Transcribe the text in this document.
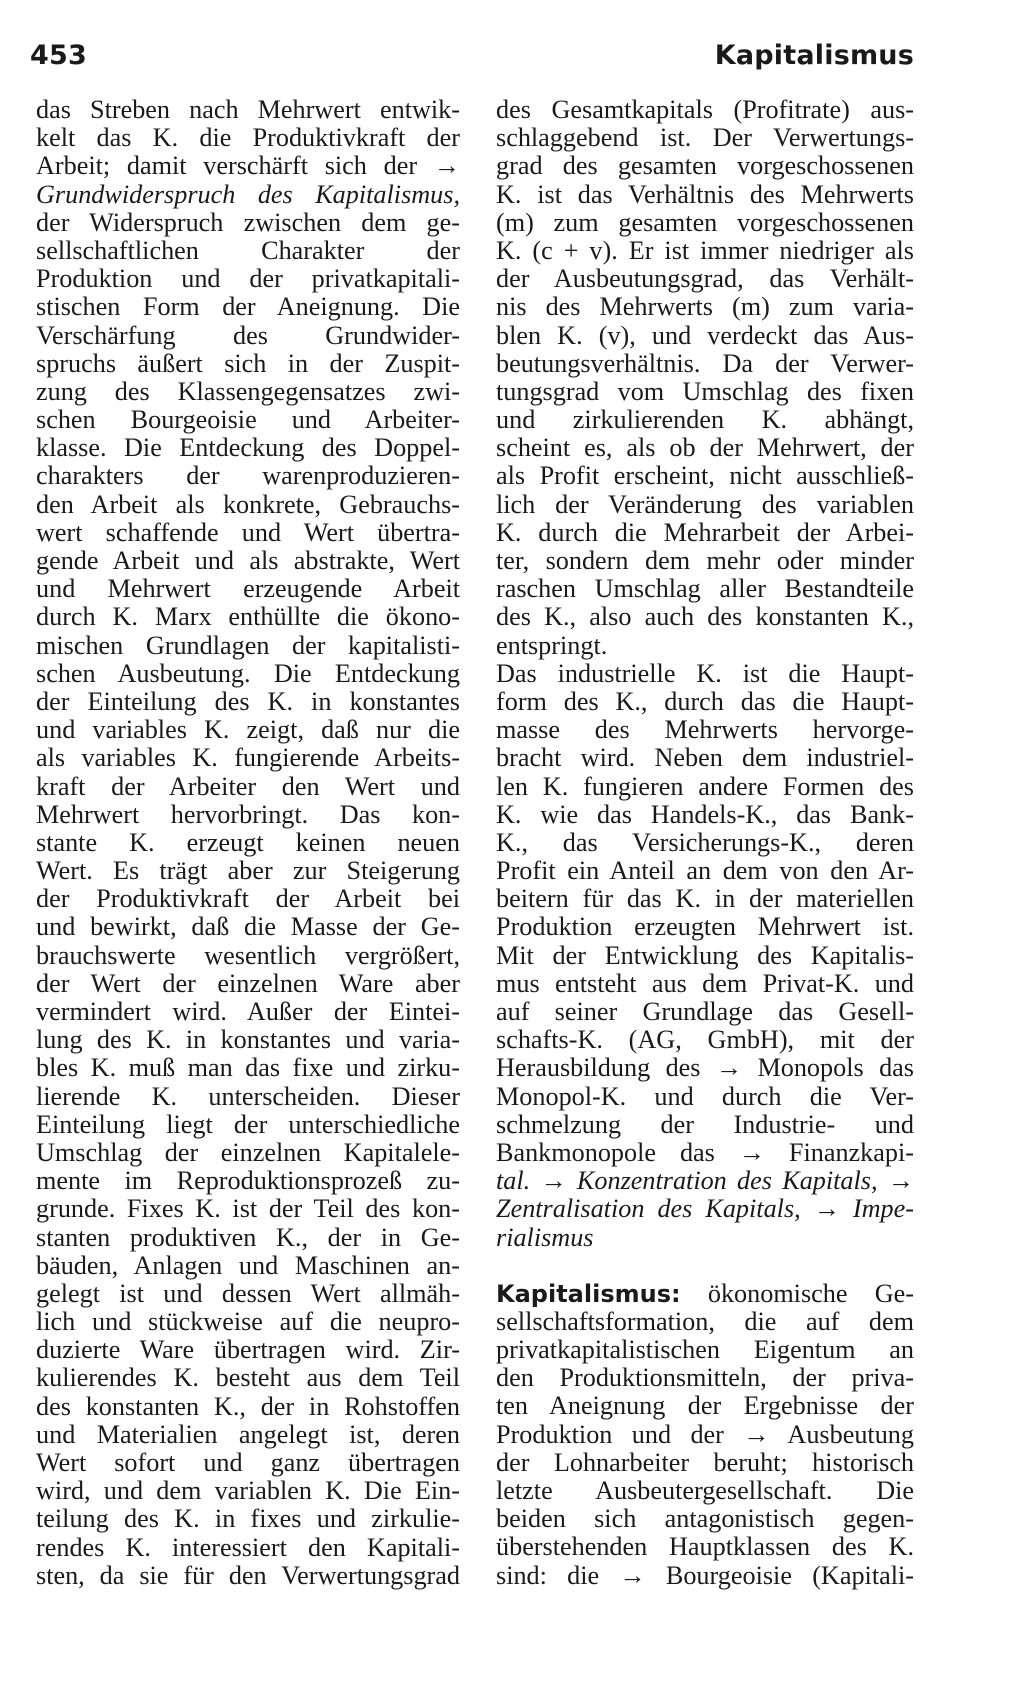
453	Kapitalismus
das Streben nach Mehrwert entwik-
kelt das K. die Produktivkraft der
Arbeit; damit verschärft sich der →
Grundwiderspruch des Kapitalismus,
der Widerspruch zwischen dem ge-
sellschaftlichen Charakter der
Produktion und der privatkapitali-
stischen Form der Aneignung. Die
Verschärfung des Grundwider-
spruchs äußert sich in der Zuspit-
zung des Klassengegensatzes zwi-
schen Bourgeoisie und Arbeiter-
klasse. Die Entdeckung des Doppel-
charakters der warenproduzieren-
den Arbeit als konkrete, Gebrauchs-
wert schaffende und Wert übertra-
gende Arbeit und als abstrakte, Wert
und Mehrwert erzeugende Arbeit
durch K. Marx enthüllte die ökono-
mischen Grundlagen der kapitalisti-
schen Ausbeutung. Die Entdeckung
der Einteilung des K. in konstantes
und variables K. zeigt, daß nur die
als variables K. fungierende Arbeits-
kraft der Arbeiter den Wert und
Mehrwert hervorbringt. Das kon-
stante K. erzeugt keinen neuen
Wert. Es trägt aber zur Steigerung
der Produktivkraft der Arbeit bei
und bewirkt, daß die Masse der Ge-
brauchswerte wesentlich vergrößert,
der Wert der einzelnen Ware aber
vermindert wird. Außer der Eintei-
lung des K. in konstantes und varia-
bles K. muß man das fixe und zirku-
lierende K. unterscheiden. Dieser
Einteilung liegt der unterschiedliche
Umschlag der einzelnen Kapitalele-
mente im Reproduktionsprozeß zu-
grunde. Fixes K. ist der Teil des kon-
stanten produktiven K., der in Ge-
bäuden, Anlagen und Maschinen an-
gelegt ist und dessen Wert allmäh-
lich und stückweise auf die neupro-
duzierte Ware übertragen wird. Zir-
kulierendes K. besteht aus dem Teil
des konstanten K., der in Rohstoffen
und Materialien angelegt ist, deren
Wert sofort und ganz übertragen
wird, und dem variablen K. Die Ein-
teilung des K. in fixes und zirkulie-
rendes K. interessiert den Kapitali-
sten, da sie für den Verwertungsgrad
des Gesamtkapitals (Profitrate) aus-
schlaggebend ist. Der Verwertungs-
grad des gesamten vorgeschossenen
K. ist das Verhältnis des Mehrwerts
(m) zum gesamten vorgeschossenen
K. (c + v). Er ist immer niedriger als
der Ausbeutungsgrad, das Verhält-
nis des Mehrwerts (m) zum varia-
blen K. (v), und verdeckt das Aus-
beutungsverhältnis. Da der Verwer-
tungsgrad vom Umschlag des fixen
und zirkulierenden K. abhängt,
scheint es, als ob der Mehrwert, der
als Profit erscheint, nicht ausschließ-
lich der Veränderung des variablen
K. durch die Mehrarbeit der Arbei-
ter, sondern dem mehr oder minder
raschen Umschlag aller Bestandteile
des K., also auch des konstanten K.,
entspringt.
Das industrielle K. ist die Haupt-
form des K., durch das die Haupt-
masse des Mehrwerts hervorge-
bracht wird. Neben dem industriel-
len K. fungieren andere Formen des
K. wie das Handels-K., das Bank-
K., das Versicherungs-K., deren
Profit ein Anteil an dem von den Ar-
beitern für das K. in der materiellen
Produktion erzeugten Mehrwert ist.
Mit der Entwicklung des Kapitalis-
mus entsteht aus dem Privat-K. und
auf seiner Grundlage das Gesell-
schafts-K. (AG, GmbH), mit der
Herausbildung des → Monopols das
Monopol-K. und durch die Ver-
schmelzung der Industrie- und
Bankmonopole das → Finanzkapi-
tal. → Konzentration des Kapitals, →
Zentralisation des Kapitals, → Impe-
rialismus
Kapitalismus: ökonomische Ge-
sellschaftsformation, die auf dem
privatkapitalistischen Eigentum an
den Produktionsmitteln, der priva-
ten Aneignung der Ergebnisse der
Produktion und der → Ausbeutung
der Lohnarbeiter beruht; historisch
letzte Ausbeutergesellschaft. Die
beiden sich antagonistisch gegen-
überstehenden Hauptklassen des K.
sind: die → Bourgeoisie (Kapitali-
